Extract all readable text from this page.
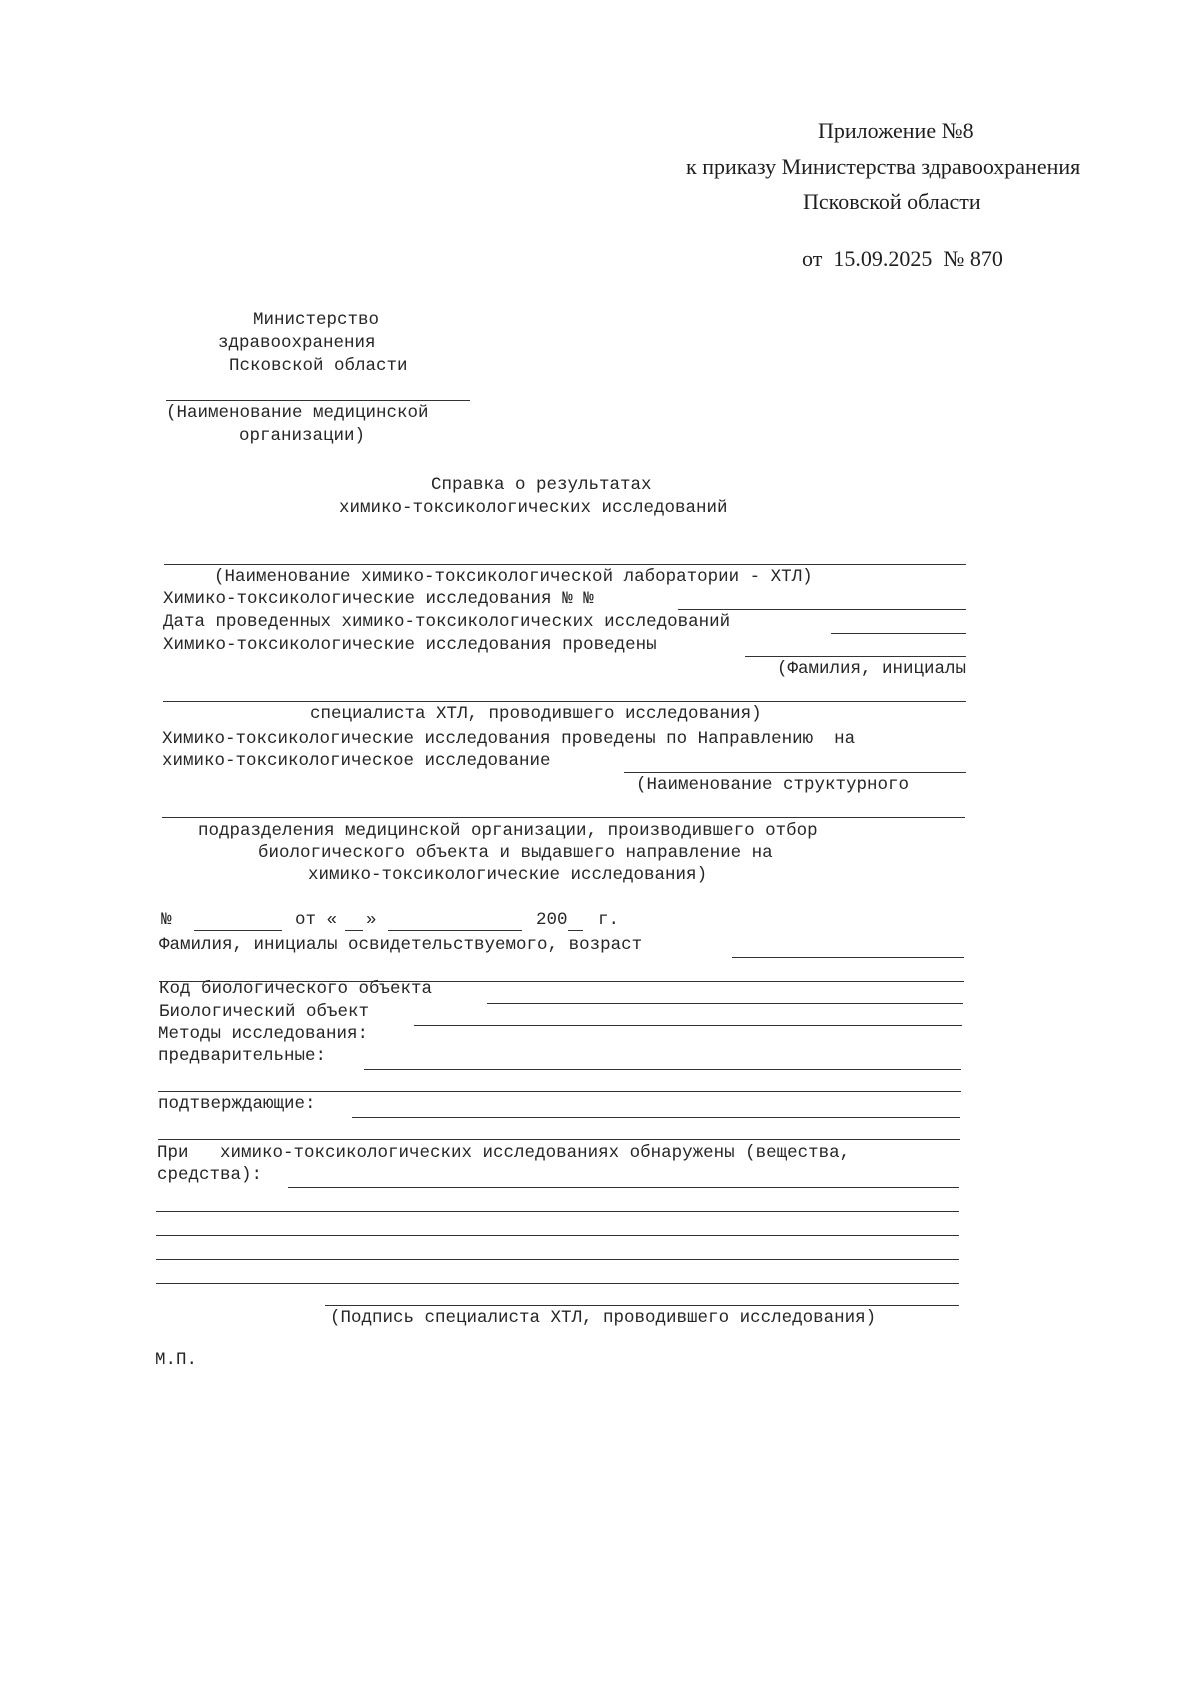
Приложение №8
к приказу Министерства здравоохранения
Псковской области

от 15.09.2025 № 870

Министерство
здравоохранения
Псковской области
(Наименование медицинской
организации)
Справка о результатах
химико-токсикологических исследований
(Наименование химико-токсикологической лаборатории - ХТЛ)
Химико-токсикологические исследования № №
Дата проведенных химико-токсикологических исследований
Химико-токсикологические исследования проведены
(Фамилия, инициалы
специалиста ХТЛ, проводившего исследования)
Химико-токсикологические исследования проведены по Направлению  на
химико-токсикологическое исследование
(Наименование структурного
подразделения медицинской организации, производившего отбор
биологического объекта и выдавшего направление на
химико-токсикологические исследования)
№	от « »	200 г.
Фамилия, инициалы освидетельствуемого, возраст
Код биологического объекта
Биологический объект
Методы исследования:
предварительные:
подтверждающие:
При   химико-токсикологических исследованиях обнаружены (вещества,
средства):
(Подпись специалиста ХТЛ, проводившего исследования)
М.П.
